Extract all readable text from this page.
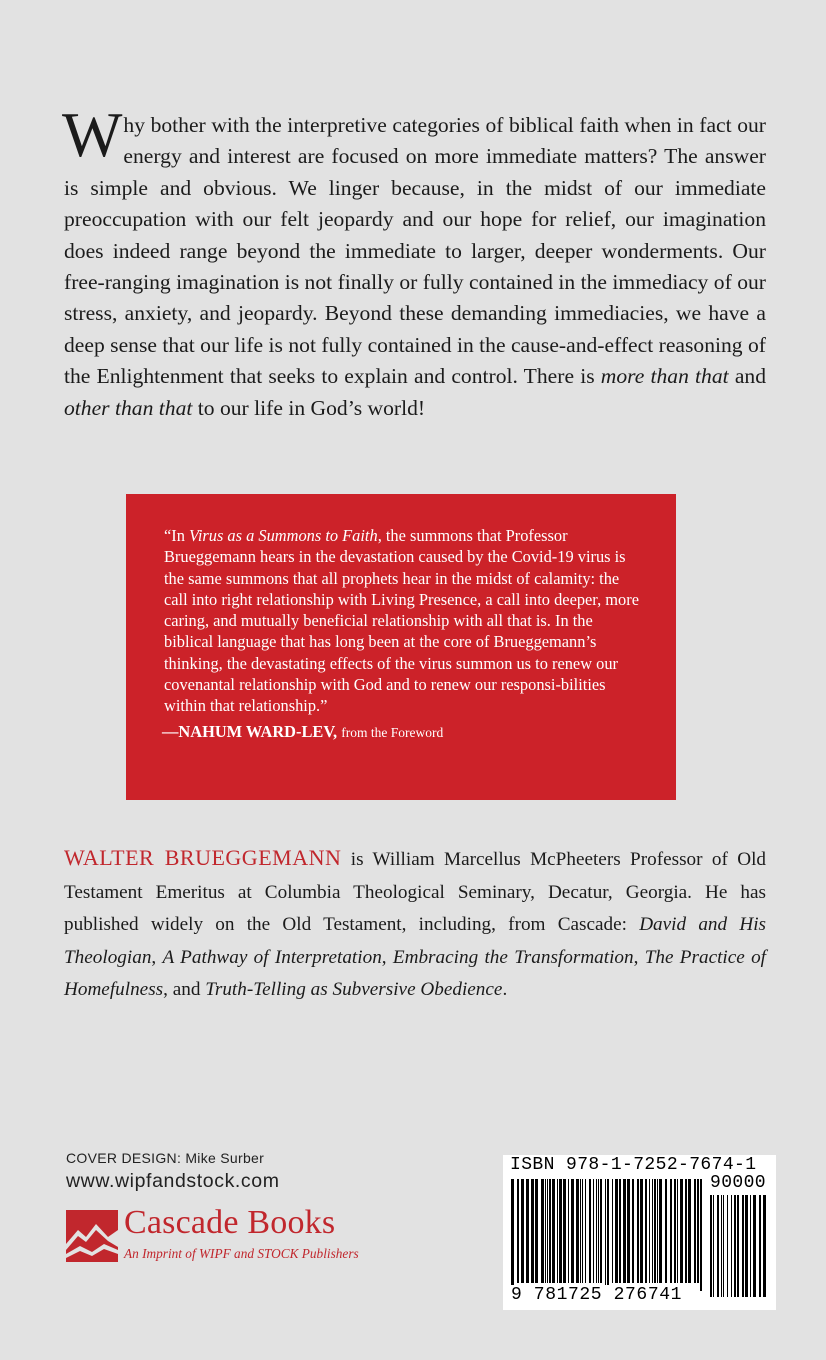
Why bother with the interpretive categories of biblical faith when in fact our energy and interest are focused on more immediate matters? The answer is simple and obvious. We linger because, in the midst of our immediate preoccupation with our felt jeopardy and our hope for relief, our imagination does indeed range beyond the immediate to larger, deeper wonderments. Our free-ranging imagination is not finally or fully contained in the immediacy of our stress, anxiety, and jeopardy. Beyond these demanding immediacies, we have a deep sense that our life is not fully contained in the cause-and-effect reasoning of the Enlightenment that seeks to explain and control. There is more than that and other than that to our life in God’s world!

“In Virus as a Summons to Faith, the summons that Professor Brueggemann hears in the devastation caused by the Covid-19 virus is the same summons that all prophets hear in the midst of calamity: the call into right relationship with Living Presence, a call into deeper, more caring, and mutually beneficial relationship with all that is. In the biblical language that has long been at the core of Brueggemann’s thinking, the devastating effects of the virus summon us to renew our covenantal relationship with God and to renew our responsi-bilities within that relationship.”

—NAHUM WARD-LEV, from the Foreword

WALTER BRUEGGEMANN is William Marcellus McPheeters Professor of Old Testament Emeritus at Columbia Theological Seminary, Decatur, Georgia. He has published widely on the Old Testament, including, from Cascade: David and His Theologian, A Pathway of Interpretation, Embracing the Transformation, The Practice of Homefulness, and Truth-Telling as Subversive Obedience.

COVER DESIGN: Mike Surber
www.wipfandstock.com
Cascade Books
An Imprint of WIPF and STOCK Publishers
ISBN 978-1-7252-7674-1
90000
9 781725 276741
